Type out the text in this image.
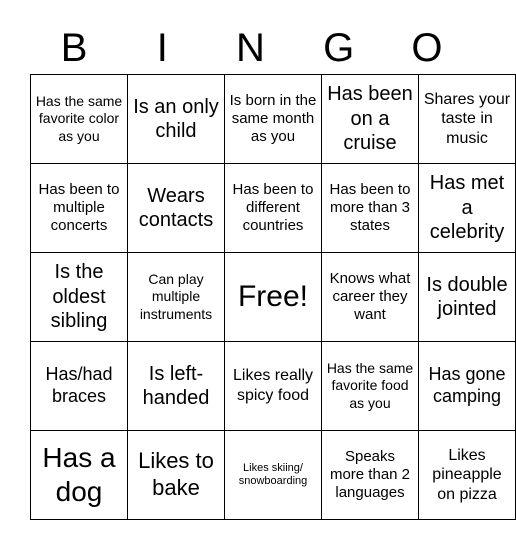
B	I	N	G	O
Has the same favorite color as you	Is an only child	Is born in the same month as you	Has been on a cruise	Shares your taste in music
Has been to multiple concerts	Wears contacts	Has been to different countries	Has been to more than 3 states	Has met a celebrity
Is the oldest sibling	Can play multiple instruments	Free!	Knows what career they want	Is double jointed
Has/had braces	Is left-handed	Likes really spicy food	Has the same favorite food as you	Has gone camping
Has a dog	Likes to bake	Likes skiing/ snowboarding	Speaks more than 2 languages	Likes pineapple on pizza
